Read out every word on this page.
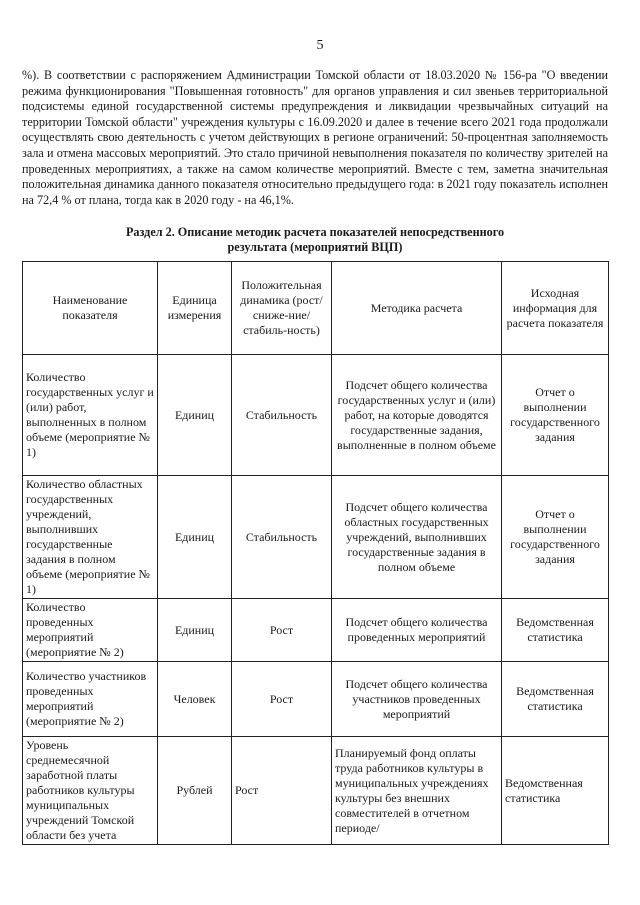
5

%). В соответствии с распоряжением Администрации Томской области от 18.03.2020 № 156-ра "О введении режима функционирования "Повышенная готовность" для органов управления и сил звеньев территориальной подсистемы единой государственной системы предупреждения и ликвидации чрезвычайных ситуаций на территории Томской области" учреждения культуры с 16.09.2020 и далее в течение всего 2021 года продолжали осуществлять свою деятельность с учетом действующих в регионе ограничений: 50-процентная заполняемость зала и отмена массовых мероприятий. Это стало причиной невыполнения показателя по количеству зрителей на проведенных мероприятиях, а также на самом количестве мероприятий. Вместе с тем, заметна значительная положительная динамика данного показателя относительно предыдущего года: в 2021 году показатель исполнен на 72,4 % от плана, тогда как в 2020 году - на 46,1%.

Раздел 2. Описание методик расчета показателей непосредственного
результата (мероприятий ВЦП)
Наименование показателя	Единица измерения	Положительная динамика (рост/сниже-ние/стабиль-ность)	Методика расчета	Исходная информация для расчета показателя
Количество государственных услуг и (или) работ, выполненных в полном объеме (мероприятие № 1)	Единиц	Стабильность	Подсчет общего количества государственных услуг и (или) работ, на которые доводятся государственные задания, выполненные в полном объеме	Отчет о выполнении государственного задания
Количество областных государственных учреждений, выполнивших государственные задания в полном объеме (мероприятие № 1)	Единиц	Стабильность	Подсчет общего количества областных государственных учреждений, выполнивших государственные задания в полном объеме	Отчет о выполнении государственного задания
Количество проведенных мероприятий (мероприятие № 2)	Единиц	Рост	Подсчет общего количества проведенных мероприятий	Ведомственная статистика
Количество участников проведенных мероприятий (мероприятие № 2)	Человек	Рост	Подсчет общего количества участников проведенных мероприятий	Ведомственная статистика
Уровень среднемесячной заработной платы работников культуры муниципальных учреждений Томской области без учета	Рублей	Рост	Планируемый фонд оплаты труда работников культуры в муниципальных учреждениях культуры без внешних совместителей в отчетном периоде/	Ведомственная статистика
